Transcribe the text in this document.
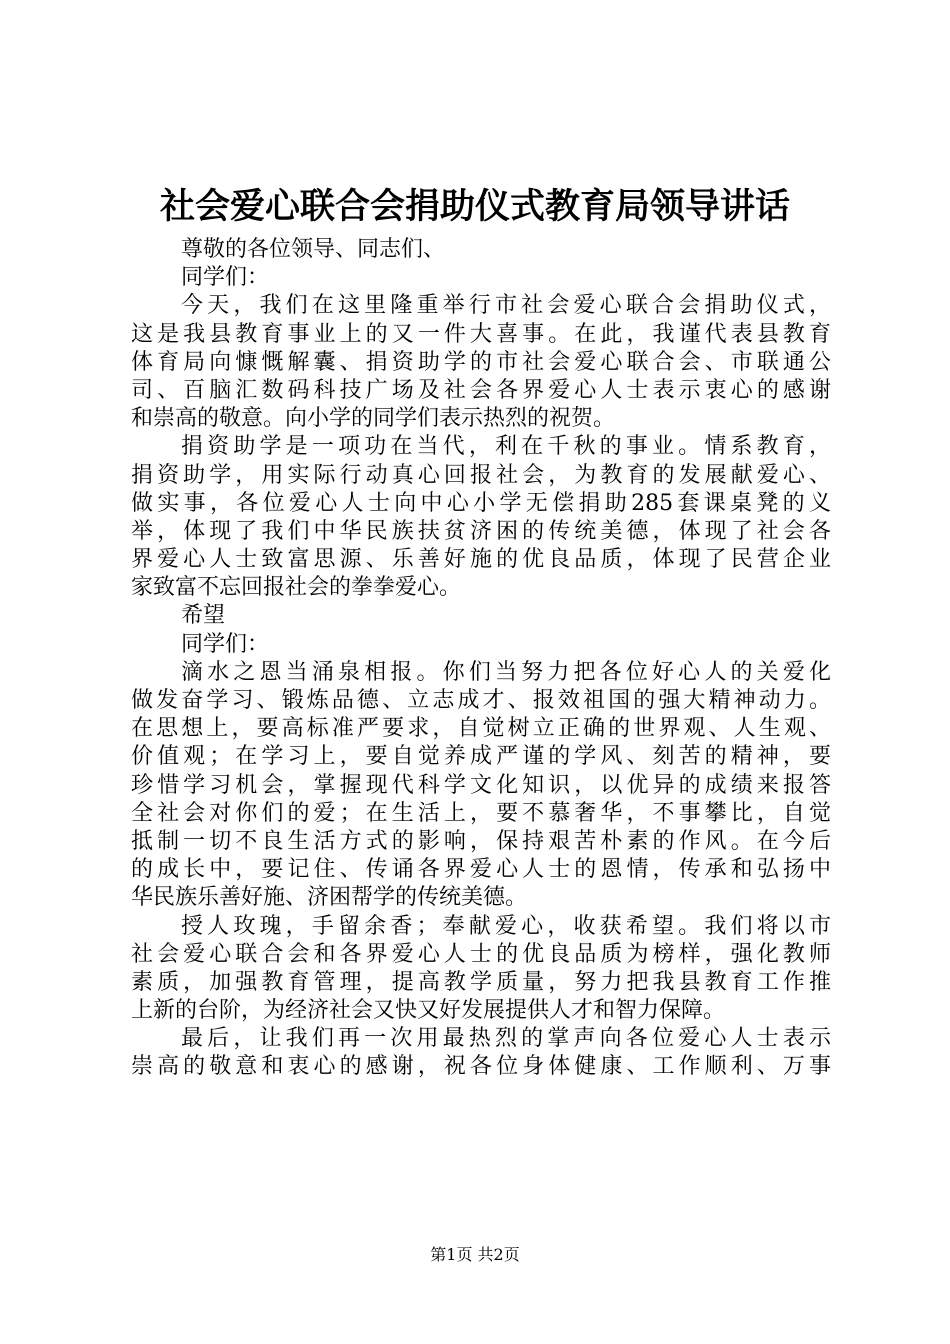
社会爱心联合会捐助仪式教育局领导讲话
尊敬的各位领导、同志们、
同学们：
今天，我们在这里隆重举行市社会爱心联合会捐助仪式，
这是我县教育事业上的又一件大喜事。在此，我谨代表县教育
体育局向慷慨解囊、捐资助学的市社会爱心联合会、市联通公
司、百脑汇数码科技广场及社会各界爱心人士表示衷心的感谢
和崇高的敬意。向小学的同学们表示热烈的祝贺。
捐资助学是一项功在当代，利在千秋的事业。情系教育，
捐资助学，用实际行动真心回报社会，为教育的发展献爱心、
做实事，各位爱心人士向中心小学无偿捐助285套课桌凳的义
举，体现了我们中华民族扶贫济困的传统美德，体现了社会各
界爱心人士致富思源、乐善好施的优良品质，体现了民营企业
家致富不忘回报社会的拳拳爱心。
希望
同学们：
滴水之恩当涌泉相报。你们当努力把各位好心人的关爱化
做发奋学习、锻炼品德、立志成才、报效祖国的强大精神动力。
在思想上，要高标准严要求，自觉树立正确的世界观、人生观、
价值观；在学习上，要自觉养成严谨的学风、刻苦的精神，要
珍惜学习机会，掌握现代科学文化知识，以优异的成绩来报答
全社会对你们的爱；在生活上，要不慕奢华，不事攀比，自觉
抵制一切不良生活方式的影响，保持艰苦朴素的作风。在今后
的成长中，要记住、传诵各界爱心人士的恩情，传承和弘扬中
华民族乐善好施、济困帮学的传统美德。
授人玫瑰，手留余香；奉献爱心，收获希望。我们将以市
社会爱心联合会和各界爱心人士的优良品质为榜样，强化教师
素质，加强教育管理，提高教学质量，努力把我县教育工作推
上新的台阶，为经济社会又快又好发展提供人才和智力保障。
最后，让我们再一次用最热烈的掌声向各位爱心人士表示
崇高的敬意和衷心的感谢，祝各位身体健康、工作顺利、万事
第1页 共2页
